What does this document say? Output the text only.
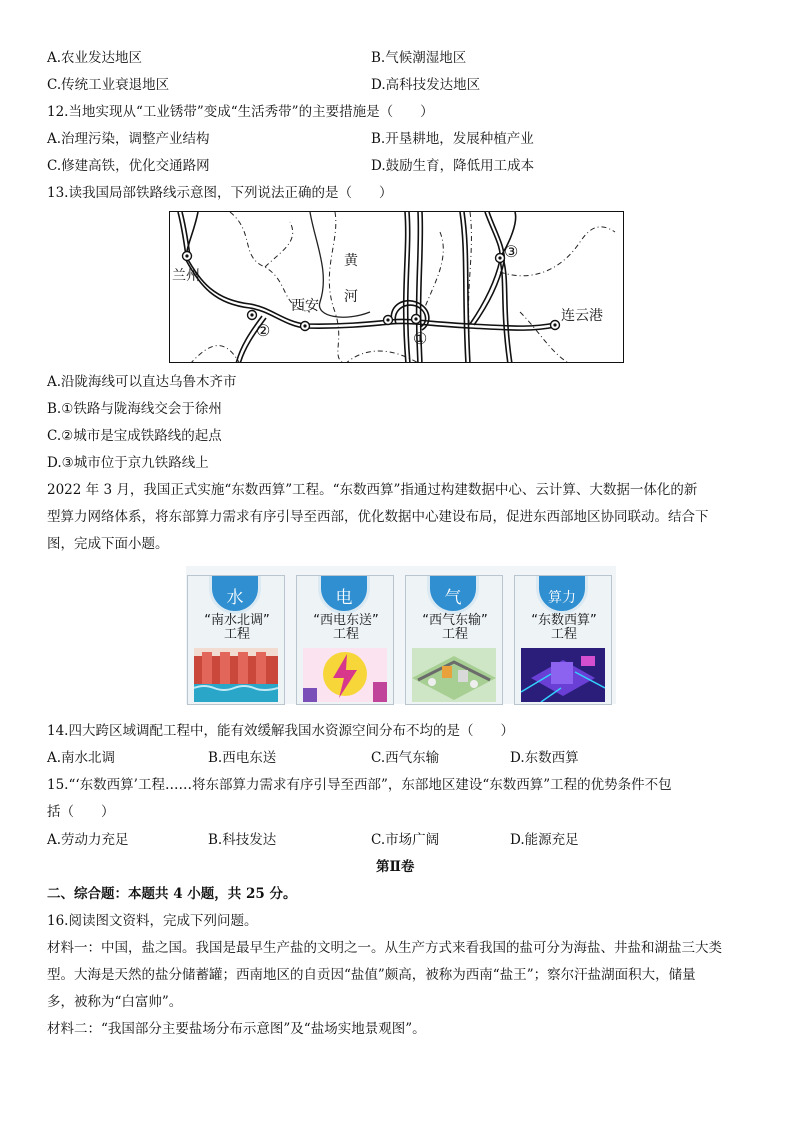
A.农业发达地区	B.气候潮湿地区
C.传统工业衰退地区	D.高科技发达地区
12.当地实现从“工业锈带”变成“生活秀带”的主要措施是（　　）
A.治理污染，调整产业结构	B.开垦耕地，发展种植产业
C.修建高铁，优化交通路网	D.鼓励生育，降低用工成本
13.读我国局部铁路线示意图，下列说法正确的是（　　）
兰州
西安
黄
河
连云港
①
②
③
A.沿陇海线可以直达乌鲁木齐市
B.①铁路与陇海线交会于徐州
C.②城市是宝成铁路线的起点
D.③城市位于京九铁路线上
2022 年 3 月，我国正式实施“东数西算”工程。“东数西算”指通过构建数据中心、云计算、大数据一体化的新
型算力网络体系，将东部算力需求有序引导至西部，优化数据中心建设布局，促进东西部地区协同联动。结合下
图，完成下面小题。
水
“南水北调”
工程
电
“西电东送”
工程
气
“西气东输”
工程
算力
“东数西算”
工程
14.四大跨区域调配工程中，能有效缓解我国水资源空间分布不均的是（　　）
A.南水北调	B.西电东送	C.西气东输	D.东数西算
15.“‘东数西算’工程……将东部算力需求有序引导至西部”，东部地区建设“东数西算”工程的优势条件不包
括（　　）
A.劳动力充足	B.科技发达	C.市场广阔	D.能源充足
第Ⅱ卷
二、综合题：本题共 4 小题，共 25 分。
16.阅读图文资料，完成下列问题。
材料一：中国，盐之国。我国是最早生产盐的文明之一。从生产方式来看我国的盐可分为海盐、井盐和湖盐三大类
型。大海是天然的盐分储蓄罐；西南地区的自贡因“盐值”颇高，被称为西南“盐王”；察尔汗盐湖面积大，储量
多，被称为“白富帅”。
材料二：“我国部分主要盐场分布示意图”及“盐场实地景观图”。
